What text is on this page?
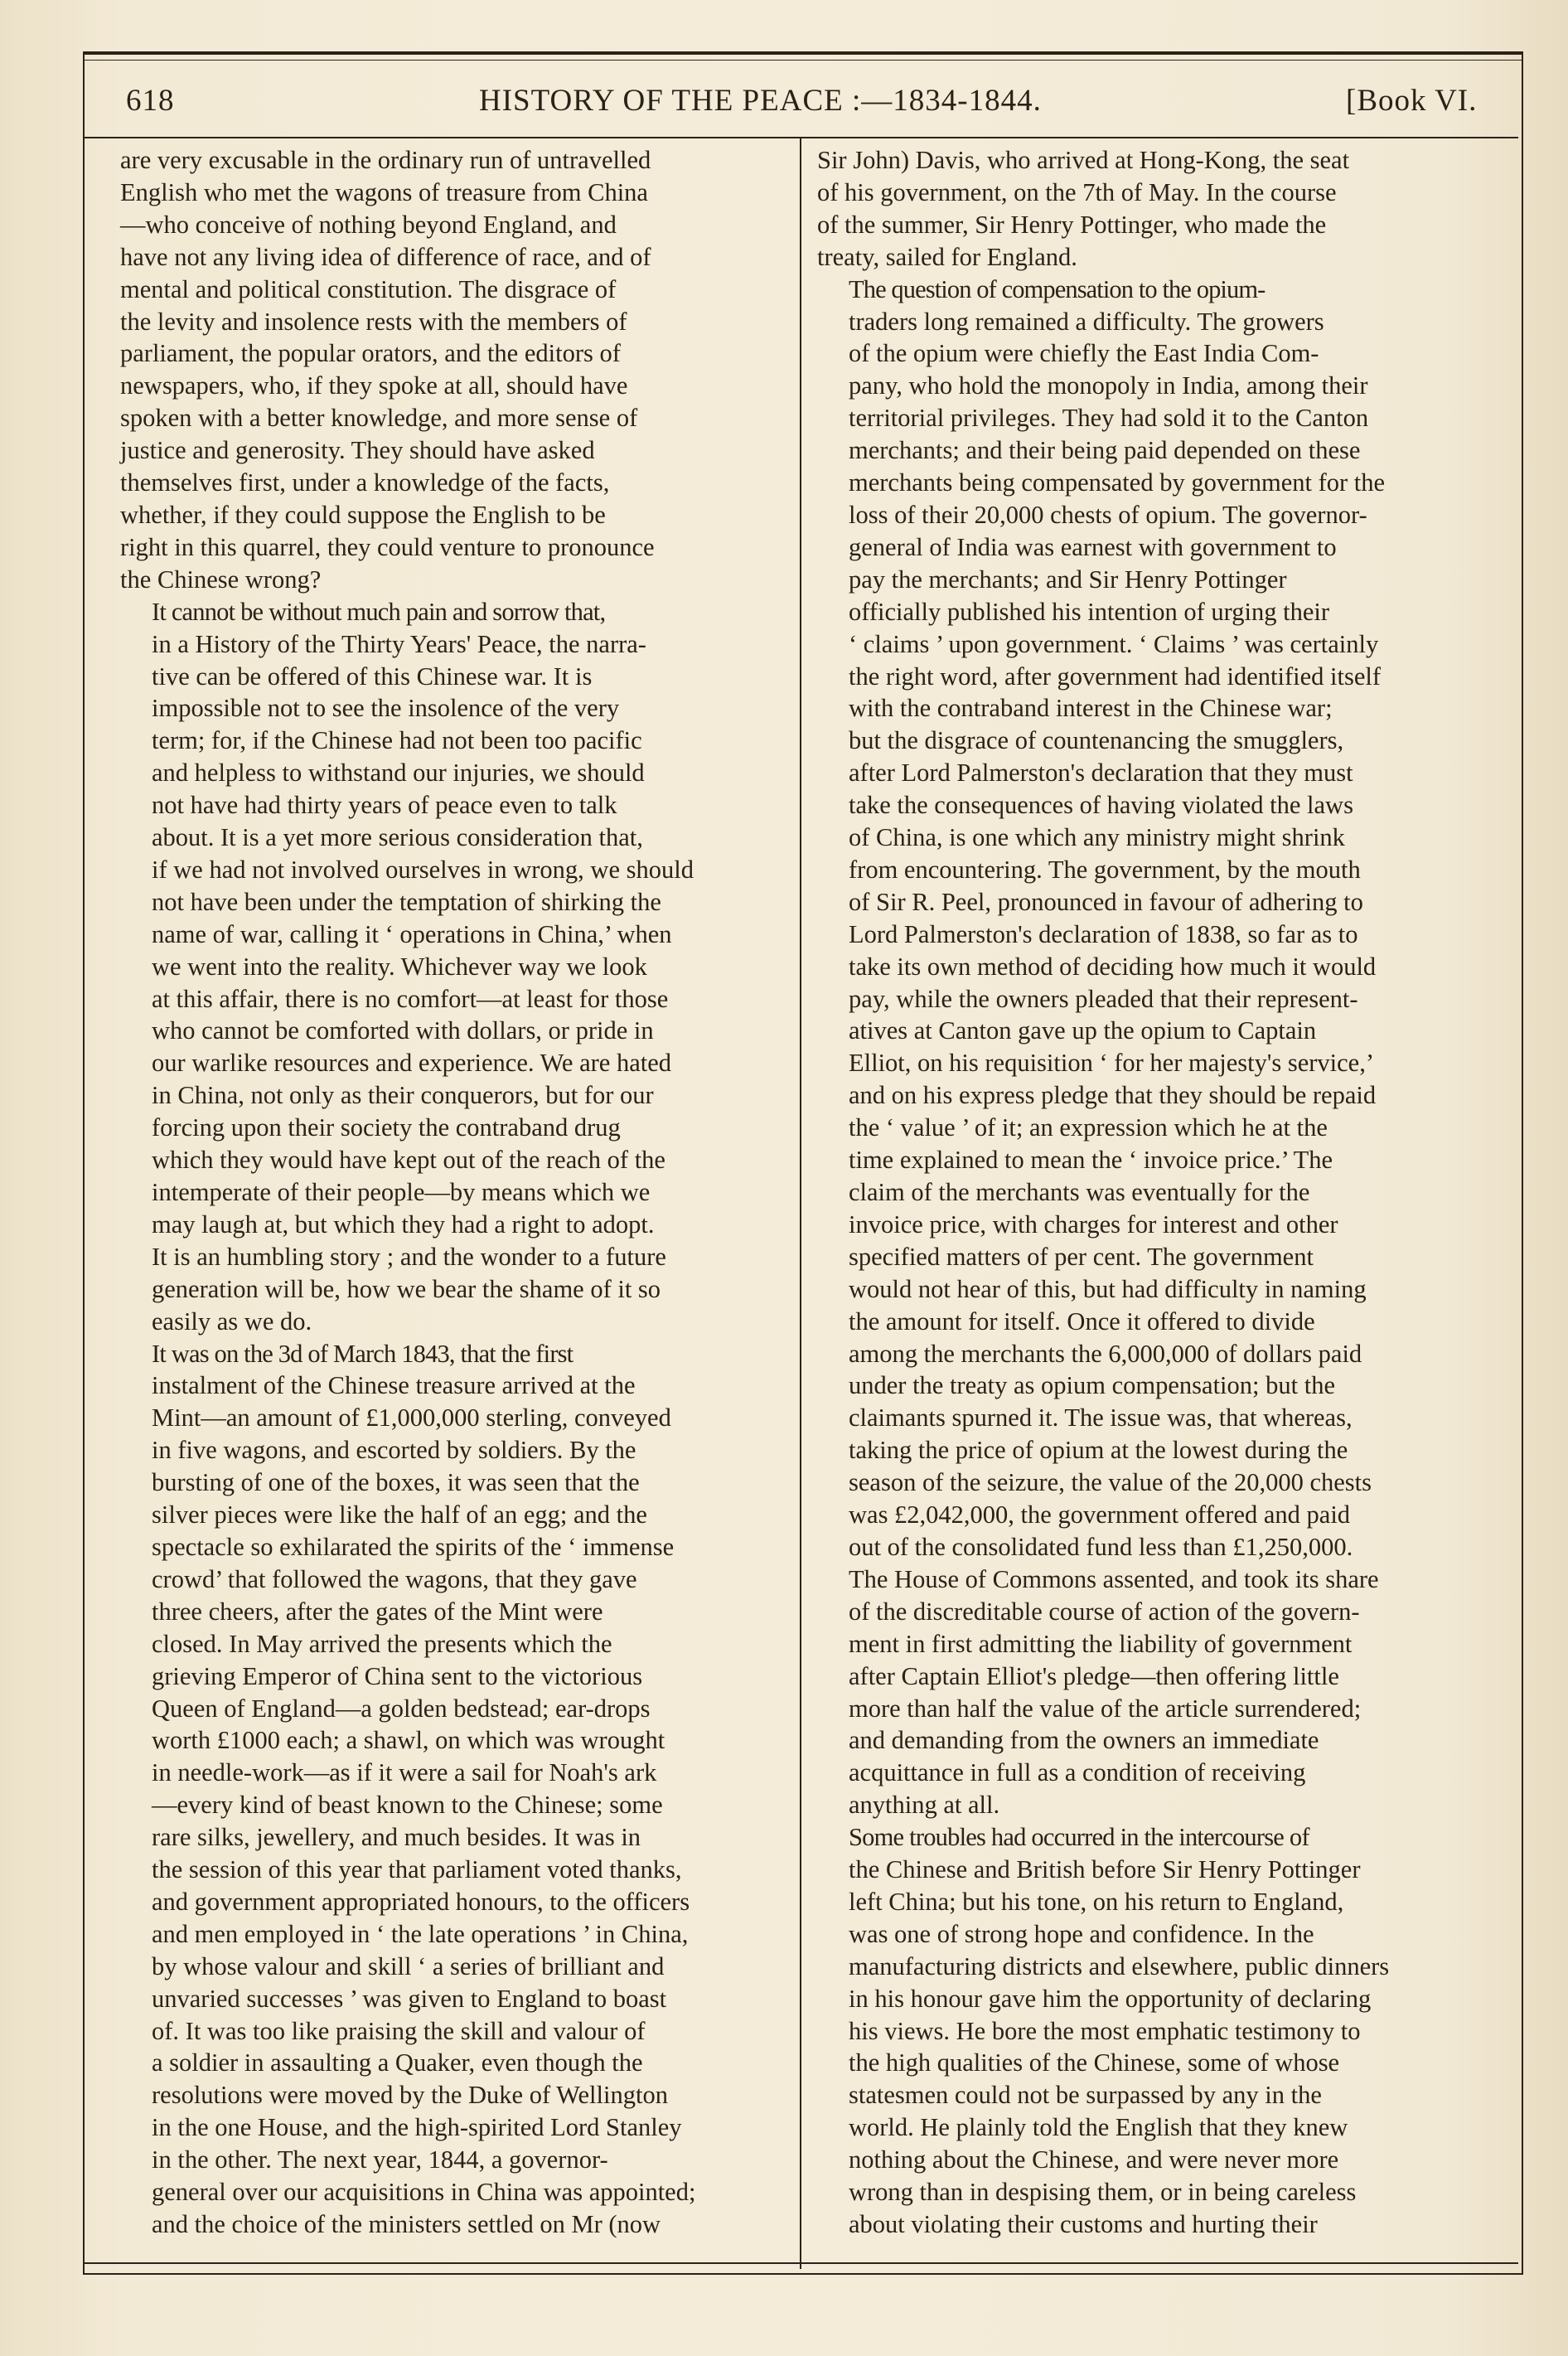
618	HISTORY OF THE PEACE :—1834-1844.	[Book VI.

are very excusable in the ordinary run of untravelled
English who met the wagons of treasure from China
—who conceive of nothing beyond England, and
have not any living idea of difference of race, and of
mental and political constitution. The disgrace of
the levity and insolence rests with the members of
parliament, the popular orators, and the editors of
newspapers, who, if they spoke at all, should have
spoken with a better knowledge, and more sense of
justice and generosity. They should have asked
themselves first, under a knowledge of the facts,
whether, if they could suppose the English to be
right in this quarrel, they could venture to pronounce
the Chinese wrong?

It cannot be without much pain and sorrow that,
in a History of the Thirty Years' Peace, the narra-
tive can be offered of this Chinese war. It is
impossible not to see the insolence of the very
term; for, if the Chinese had not been too pacific
and helpless to withstand our injuries, we should
not have had thirty years of peace even to talk
about. It is a yet more serious consideration that,
if we had not involved ourselves in wrong, we should
not have been under the temptation of shirking the
name of war, calling it ‘ operations in China,’ when
we went into the reality. Whichever way we look
at this affair, there is no comfort—at least for those
who cannot be comforted with dollars, or pride in
our warlike resources and experience. We are hated
in China, not only as their conquerors, but for our
forcing upon their society the contraband drug
which they would have kept out of the reach of the
intemperate of their people—by means which we
may laugh at, but which they had a right to adopt.
It is an humbling story ; and the wonder to a future
generation will be, how we bear the shame of it so
easily as we do.

It was on the 3d of March 1843, that the first
instalment of the Chinese treasure arrived at the
Mint—an amount of £1,000,000 sterling, conveyed
in five wagons, and escorted by soldiers. By the
bursting of one of the boxes, it was seen that the
silver pieces were like the half of an egg; and the
spectacle so exhilarated the spirits of the ‘ immense
crowd’ that followed the wagons, that they gave
three cheers, after the gates of the Mint were
closed. In May arrived the presents which the
grieving Emperor of China sent to the victorious
Queen of England—a golden bedstead; ear-drops
worth £1000 each; a shawl, on which was wrought
in needle-work—as if it were a sail for Noah's ark
—every kind of beast known to the Chinese; some
rare silks, jewellery, and much besides. It was in
the session of this year that parliament voted thanks,
and government appropriated honours, to the officers
and men employed in ‘ the late operations ’ in China,
by whose valour and skill ‘ a series of brilliant and
unvaried successes ’ was given to England to boast
of. It was too like praising the skill and valour of
a soldier in assaulting a Quaker, even though the
resolutions were moved by the Duke of Wellington
in the one House, and the high-spirited Lord Stanley
in the other. The next year, 1844, a governor-
general over our acquisitions in China was appointed;
and the choice of the ministers settled on Mr (now

Sir John) Davis, who arrived at Hong-Kong, the seat
of his government, on the 7th of May. In the course
of the summer, Sir Henry Pottinger, who made the
treaty, sailed for England.

The question of compensation to the opium-
traders long remained a difficulty. The growers
of the opium were chiefly the East India Com-
pany, who hold the monopoly in India, among their
territorial privileges. They had sold it to the Canton
merchants; and their being paid depended on these
merchants being compensated by government for the
loss of their 20,000 chests of opium. The governor-
general of India was earnest with government to
pay the merchants; and Sir Henry Pottinger
officially published his intention of urging their
‘ claims ’ upon government. ‘ Claims ’ was certainly
the right word, after government had identified itself
with the contraband interest in the Chinese war;
but the disgrace of countenancing the smugglers,
after Lord Palmerston's declaration that they must
take the consequences of having violated the laws
of China, is one which any ministry might shrink
from encountering. The government, by the mouth
of Sir R. Peel, pronounced in favour of adhering to
Lord Palmerston's declaration of 1838, so far as to
take its own method of deciding how much it would
pay, while the owners pleaded that their represent-
atives at Canton gave up the opium to Captain
Elliot, on his requisition ‘ for her majesty's service,’
and on his express pledge that they should be repaid
the ‘ value ’ of it; an expression which he at the
time explained to mean the ‘ invoice price.’ The
claim of the merchants was eventually for the
invoice price, with charges for interest and other
specified matters of per cent. The government
would not hear of this, but had difficulty in naming
the amount for itself. Once it offered to divide
among the merchants the 6,000,000 of dollars paid
under the treaty as opium compensation; but the
claimants spurned it. The issue was, that whereas,
taking the price of opium at the lowest during the
season of the seizure, the value of the 20,000 chests
was £2,042,000, the government offered and paid
out of the consolidated fund less than £1,250,000.
The House of Commons assented, and took its share
of the discreditable course of action of the govern-
ment in first admitting the liability of government
after Captain Elliot's pledge—then offering little
more than half the value of the article surrendered;
and demanding from the owners an immediate
acquittance in full as a condition of receiving
anything at all.

Some troubles had occurred in the intercourse of
the Chinese and British before Sir Henry Pottinger
left China; but his tone, on his return to England,
was one of strong hope and confidence. In the
manufacturing districts and elsewhere, public dinners
in his honour gave him the opportunity of declaring
his views. He bore the most emphatic testimony to
the high qualities of the Chinese, some of whose
statesmen could not be surpassed by any in the
world. He plainly told the English that they knew
nothing about the Chinese, and were never more
wrong than in despising them, or in being careless
about violating their customs and hurting their
